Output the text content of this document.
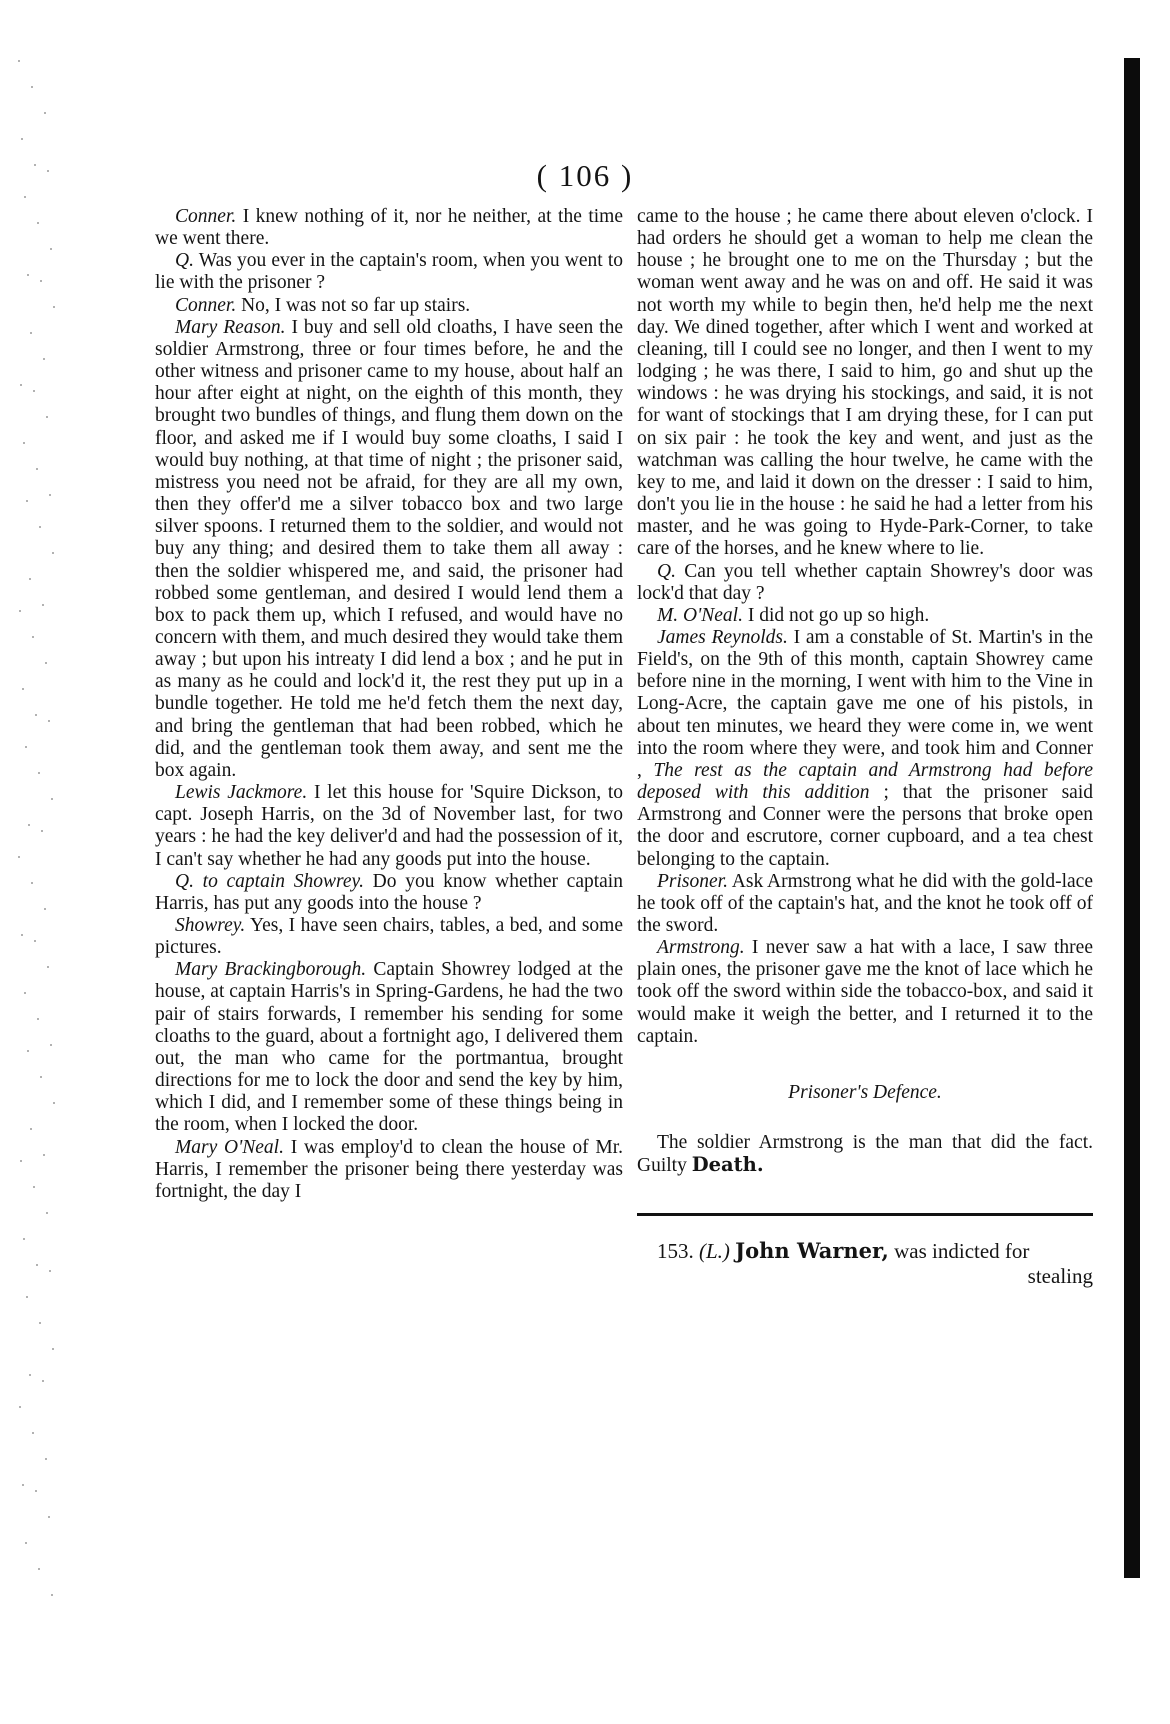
( 106 )

Conner. I knew nothing of it, nor he neither, at the time we went there.

Q. Was you ever in the captain's room, when you went to lie with the prisoner ?

Conner. No, I was not so far up stairs.

Mary Reason. I buy and sell old cloaths, I have seen the soldier Armstrong, three or four times before, he and the other witness and prisoner came to my house, about half an hour after eight at night, on the eighth of this month, they brought two bundles of things, and flung them down on the floor, and asked me if I would buy some cloaths, I said I would buy nothing, at that time of night ; the prisoner said, mistress you need not be afraid, for they are all my own, then they offer'd me a silver tobacco box and two large silver spoons. I returned them to the soldier, and would not buy any thing; and desired them to take them all away : then the soldier whispered me, and said, the prisoner had robbed some gentleman, and desired I would lend them a box to pack them up, which I refused, and would have no concern with them, and much desired they would take them away ; but upon his intreaty I did lend a box ; and he put in as many as he could and lock'd it, the rest they put up in a bundle together. He told me he'd fetch them the next day, and bring the gentleman that had been robbed, which he did, and the gentleman took them away, and sent me the box again.

Lewis Jackmore. I let this house for 'Squire Dickson, to capt. Joseph Harris, on the 3d of November last, for two years : he had the key deliver'd and had the possession of it, I can't say whether he had any goods put into the house.

Q. to captain Showrey. Do you know whether captain Harris, has put any goods into the house ?

Showrey. Yes, I have seen chairs, tables, a bed, and some pictures.

Mary Brackingborough. Captain Showrey lodged at the house, at captain Harris's in Spring-Gardens, he had the two pair of stairs forwards, I remember his sending for some cloaths to the guard, about a fortnight ago, I delivered them out, the man who came for the portmantua, brought directions for me to lock the door and send the key by him, which I did, and I remember some of these things being in the room, when I locked the door.

Mary O'Neal. I was employ'd to clean the house of Mr. Harris, I remember the prisoner being there yesterday was fortnight, the day I

came to the house ; he came there about eleven o'clock. I had orders he should get a woman to help me clean the house ; he brought one to me on the Thursday ; but the woman went away and he was on and off. He said it was not worth my while to begin then, he'd help me the next day. We dined together, after which I went and worked at cleaning, till I could see no longer, and then I went to my lodging ; he was there, I said to him, go and shut up the windows : he was drying his stockings, and said, it is not for want of stockings that I am drying these, for I can put on six pair : he took the key and went, and just as the watchman was calling the hour twelve, he came with the key to me, and laid it down on the dresser : I said to him, don't you lie in the house : he said he had a letter from his master, and he was going to Hyde-Park-Corner, to take care of the horses, and he knew where to lie.

Q. Can you tell whether captain Showrey's door was lock'd that day ?

M. O'Neal. I did not go up so high.

James Reynolds. I am a constable of St. Martin's in the Field's, on the 9th of this month, captain Showrey came before nine in the morning, I went with him to the Vine in Long-Acre, the captain gave me one of his pistols, in about ten minutes, we heard they were come in, we went into the room where they were, and took him and Conner , The rest as the captain and Armstrong had before deposed with this addition ; that the prisoner said Armstrong and Conner were the persons that broke open the door and escrutore, corner cupboard, and a tea chest belonging to the captain.

Prisoner. Ask Armstrong what he did with the gold-lace he took off of the captain's hat, and the knot he took off of the sword.

Armstrong. I never saw a hat with a lace, I saw three plain ones, the prisoner gave me the knot of lace which he took off the sword within side the tobacco-box, and said it would make it weigh the better, and I returned it to the captain.

Prisoner's Defence.

The soldier Armstrong is the man that did the fact. Guilty Death.

153. (L.) John Warner, was indicted for

stealing
